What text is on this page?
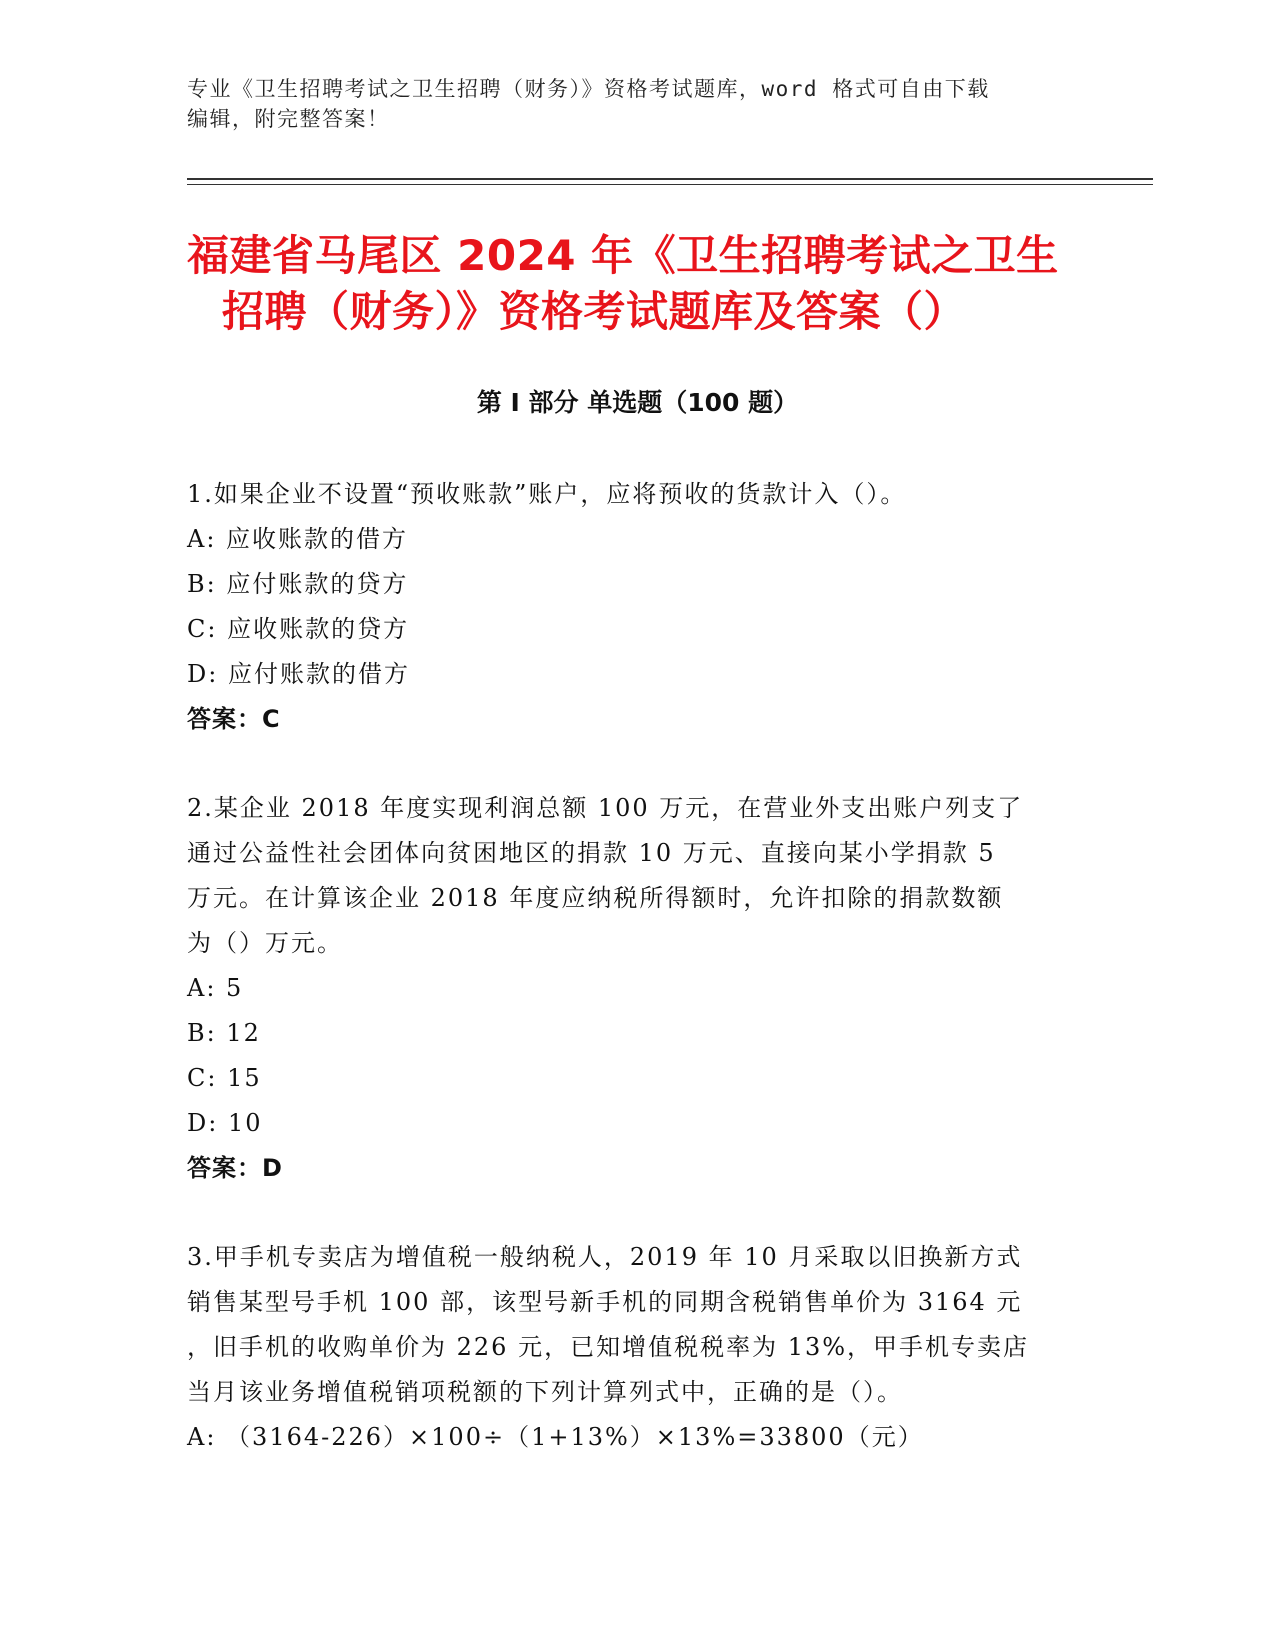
专业《卫生招聘考试之卫生招聘（财务）》资格考试题库，word 格式可自由下载
编辑，附完整答案！
福建省马尾区 2024 年《卫生招聘考试之卫生
招聘（财务）》资格考试题库及答案（）
第 I 部分 单选题（100 题）
1.如果企业不设置“预收账款”账户，应将预收的货款计入（）。
A: 应收账款的借方
B: 应付账款的贷方
C: 应收账款的贷方
D: 应付账款的借方
答案：C
2.某企业 2018 年度实现利润总额 100 万元，在营业外支出账户列支了
通过公益性社会团体向贫困地区的捐款 10 万元、直接向某小学捐款 5
万元。在计算该企业 2018 年度应纳税所得额时，允许扣除的捐款数额
为（）万元。
A: 5
B: 12
C: 15
D: 10
答案：D
3.甲手机专卖店为增值税一般纳税人，2019 年 10 月采取以旧换新方式
销售某型号手机 100 部，该型号新手机的同期含税销售单价为 3164 元
，旧手机的收购单价为 226 元，已知增值税税率为 13%，甲手机专卖店
当月该业务增值税销项税额的下列计算列式中，正确的是（）。
A: （3164-226）×100÷（1+13%）×13%=33800（元）
